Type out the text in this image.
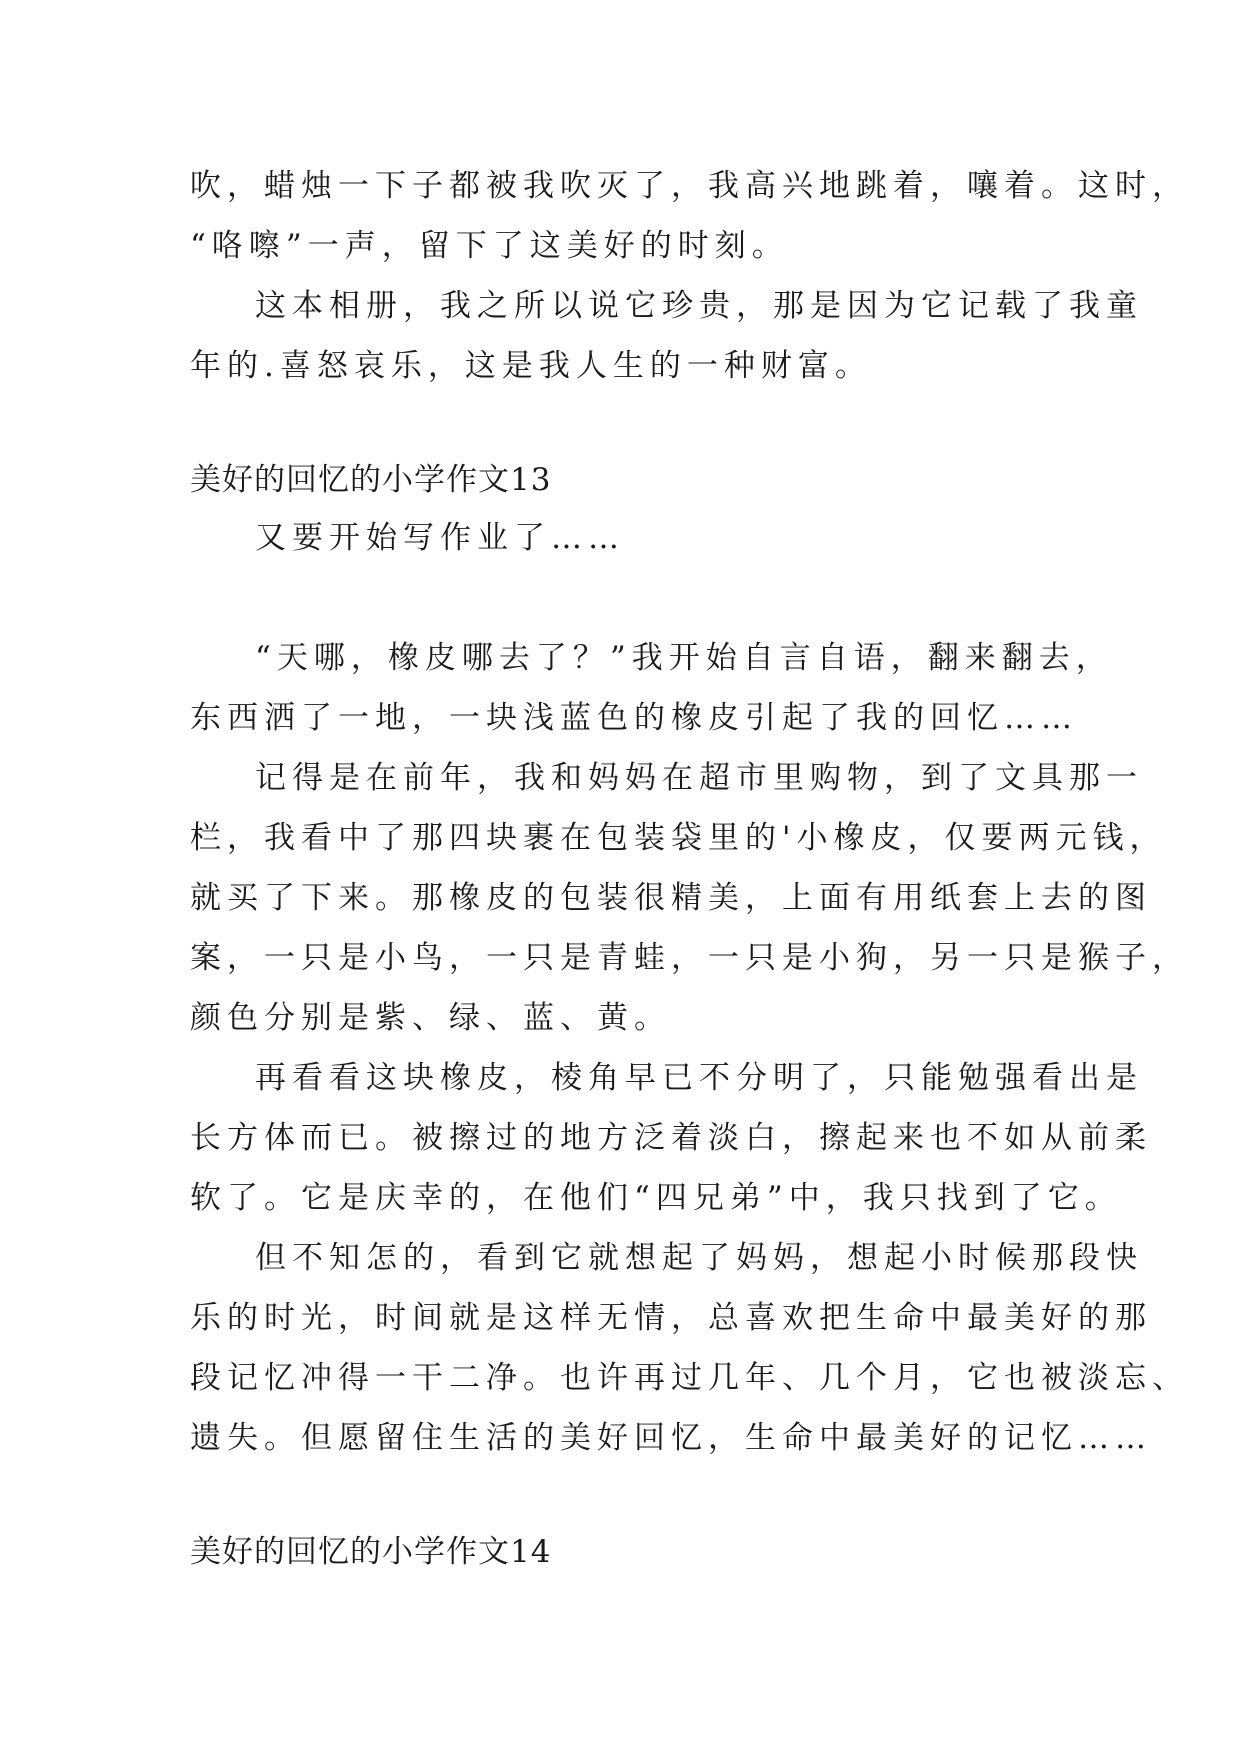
吹，蜡烛一下子都被我吹灭了，我高兴地跳着，嚷着。这时，
“咯嚓”一声，留下了这美好的时刻。
这本相册，我之所以说它珍贵，那是因为它记载了我童
年的.喜怒哀乐，这是我人生的一种财富。
美好的回忆的小学作文13
又要开始写作业了……
“天哪，橡皮哪去了？”我开始自言自语，翻来翻去，
东西洒了一地，一块浅蓝色的橡皮引起了我的回忆……
记得是在前年，我和妈妈在超市里购物，到了文具那一
栏，我看中了那四块裹在包装袋里的'小橡皮，仅要两元钱，
就买了下来。那橡皮的包装很精美，上面有用纸套上去的图
案，一只是小鸟，一只是青蛙，一只是小狗，另一只是猴子，
颜色分别是紫、绿、蓝、黄。
再看看这块橡皮，棱角早已不分明了，只能勉强看出是
长方体而已。被擦过的地方泛着淡白，擦起来也不如从前柔
软了。它是庆幸的，在他们“四兄弟”中，我只找到了它。
但不知怎的，看到它就想起了妈妈，想起小时候那段快
乐的时光，时间就是这样无情，总喜欢把生命中最美好的那
段记忆冲得一干二净。也许再过几年、几个月，它也被淡忘、
遗失。但愿留住生活的美好回忆，生命中最美好的记忆……
美好的回忆的小学作文14
